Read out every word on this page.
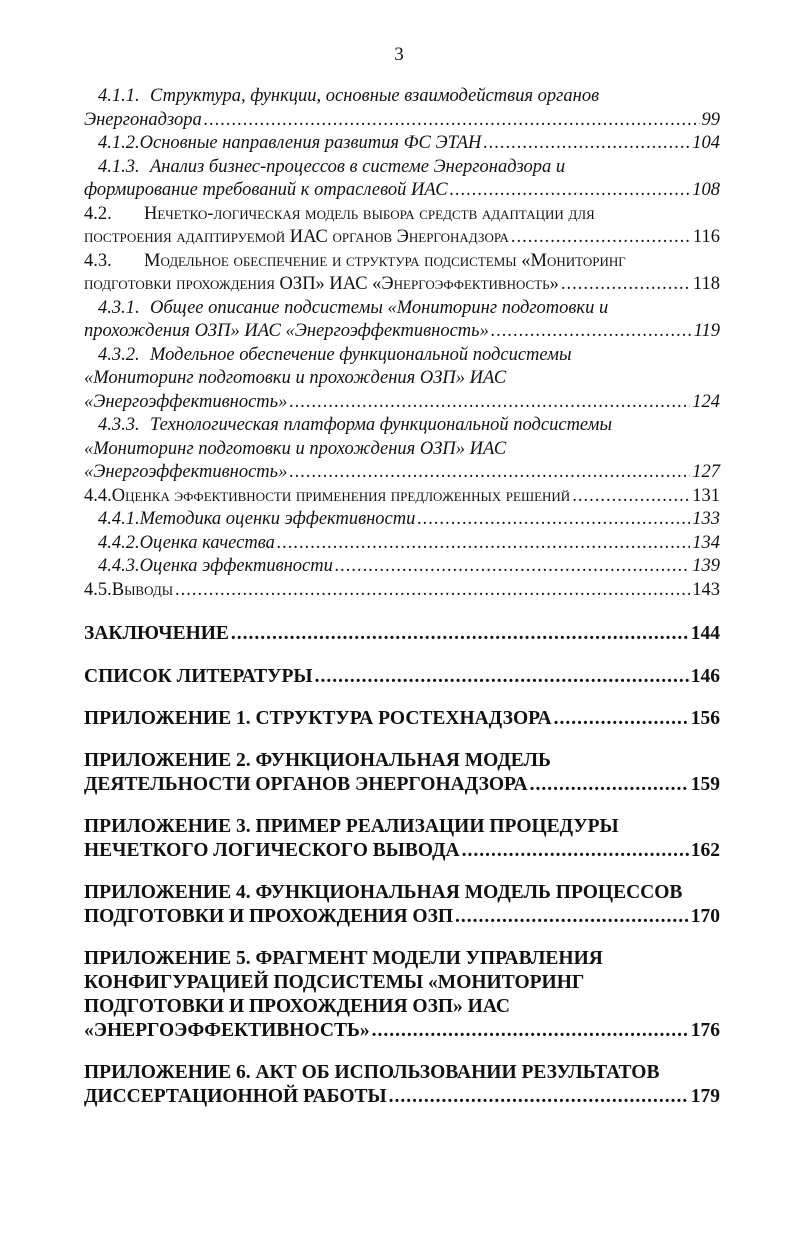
3
4.1.1. Структура, функции, основные взаимодействия органов
Энергонадзора .....	99
4.1.2. Основные направления развития ФС ЭТАН .....	104
4.1.3. Анализ бизнес-процессов в системе Энергонадзора и
формирование требований к отраслевой ИАС .....	108
4.2.	Нечетко-логическая модель выбора средств адаптации для
построения адаптируемой ИАС органов Энергонадзора .....	116
4.3.	Модельное обеспечение и структура подсистемы «Мониторинг
подготовки прохождения ОЗП» ИАС «Энергоэффективность» .....	118
4.3.1. Общее описание подсистемы «Мониторинг подготовки и
прохождения ОЗП» ИАС «Энергоэффективность» .....	119
4.3.2. Модельное обеспечение функциональной подсистемы
«Мониторинг подготовки и прохождения ОЗП» ИАС
«Энергоэффективность» .....	124
4.3.3. Технологическая платформа функциональной подсистемы
«Мониторинг подготовки и прохождения ОЗП» ИАС
«Энергоэффективность» .....	127
4.4. Оценка эффективности применения предложенных решений .....	131
4.4.1. Методика оценки эффективности .....	133
4.4.2. Оценка качества .....	134
4.4.3. Оценка эффективности .....	139
4.5. Выводы .....	143
ЗАКЛЮЧЕНИЕ .....	144
СПИСОК ЛИТЕРАТУРЫ .....	146
ПРИЛОЖЕНИЕ 1. СТРУКТУРА РОСТЕХНАДЗОРА .....	156
ПРИЛОЖЕНИЕ 2. ФУНКЦИОНАЛЬНАЯ МОДЕЛЬ
ДЕЯТЕЛЬНОСТИ ОРГАНОВ ЭНЕРГОНАДЗОРА .....	159
ПРИЛОЖЕНИЕ 3. ПРИМЕР РЕАЛИЗАЦИИ ПРОЦЕДУРЫ
НЕЧЕТКОГО ЛОГИЧЕСКОГО ВЫВОДА .....	162
ПРИЛОЖЕНИЕ 4. ФУНКЦИОНАЛЬНАЯ МОДЕЛЬ ПРОЦЕССОВ
ПОДГОТОВКИ И ПРОХОЖДЕНИЯ ОЗП .....	170
ПРИЛОЖЕНИЕ 5. ФРАГМЕНТ МОДЕЛИ УПРАВЛЕНИЯ
КОНФИГУРАЦИЕЙ ПОДСИСТЕМЫ «МОНИТОРИНГ
ПОДГОТОВКИ И ПРОХОЖДЕНИЯ ОЗП» ИАС
«ЭНЕРГОЭФФЕКТИВНОСТЬ» .....	176
ПРИЛОЖЕНИЕ 6. АКТ ОБ ИСПОЛЬЗОВАНИИ РЕЗУЛЬТАТОВ
ДИССЕРТАЦИОННОЙ РАБОТЫ .....	179
